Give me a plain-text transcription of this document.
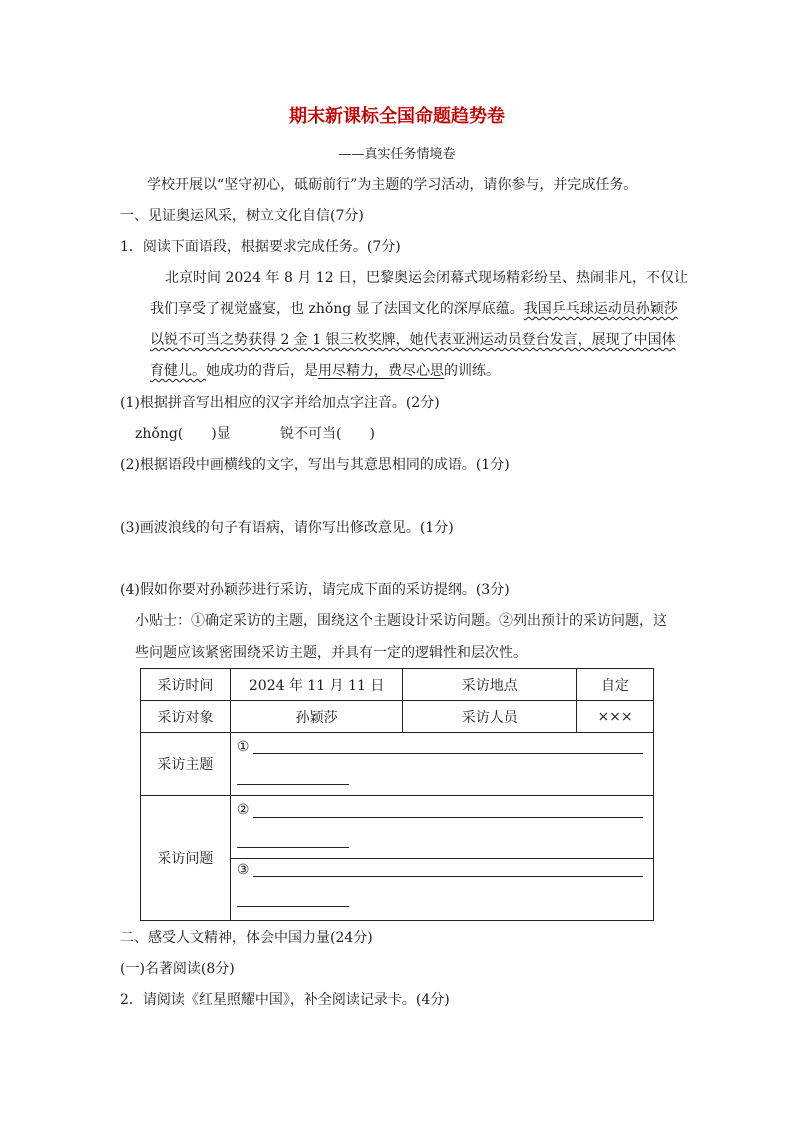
期末新课标全国命题趋势卷
——真实任务情境卷
学校开展以“坚守初心，砥砺前行”为主题的学习活动，请你参与，并完成任务。
一、见证奥运风采，树立文化自信(7分)
1．阅读下面语段，根据要求完成任务。(7分)
北京时间 2024 年 8 月 12 日，巴黎奥运会闭幕式现场精彩纷呈、热闹非凡，不仅让
我们享受了视觉盛宴，也 zhǒng 显了法国文化的深厚底蕴。我国乒乓球运动员孙颖莎
以锐不可当之势获得 2 金 1 银三枚奖牌，她代表亚洲运动员登台发言，展现了中国体
育健儿。她成功的背后，是用尽精力，费尽心思的训练。
(1)根据拼音写出相应的汉字并给加点字注音。(2分)
zhǒng(　　)显	锐不可当(　　)
(2)根据语段中画横线的文字，写出与其意思相同的成语。(1分)
(3)画波浪线的句子有语病，请你写出修改意见。(1分)
(4)假如你要对孙颖莎进行采访，请完成下面的采访提纲。(3分)
小贴士：①确定采访的主题，围绕这个主题设计采访问题。②列出预计的采访问题，这
些问题应该紧密围绕采访主题，并具有一定的逻辑性和层次性。
采访时间	2024 年 11 月 11 日	采访地点	自定
采访对象	孙颖莎	采访人员	×××
采访主题	①		

采访问题	②
③		
二、感受人文精神，体会中国力量(24分)
(一)名著阅读(8分)
2．请阅读《红星照耀中国》，补全阅读记录卡。(4分)
